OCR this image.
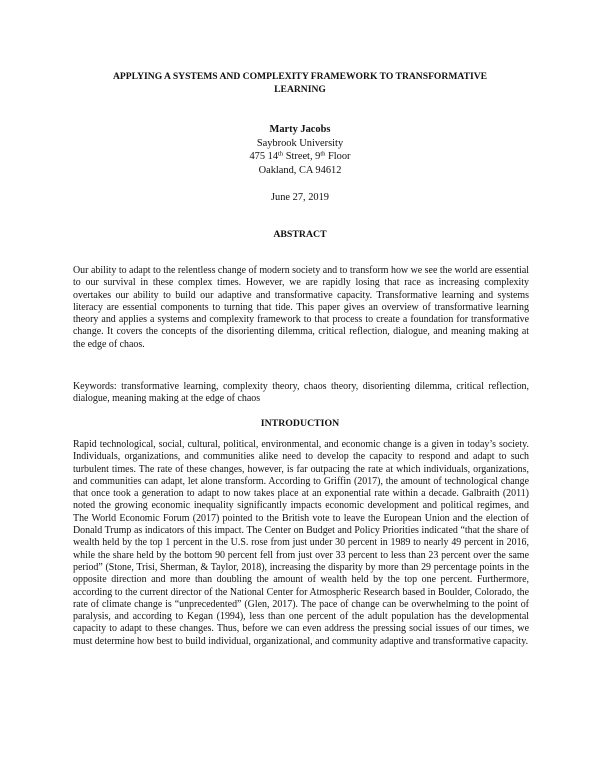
APPLYING A SYSTEMS AND COMPLEXITY FRAMEWORK TO TRANSFORMATIVE LEARNING
Marty Jacobs
Saybrook University
475 14th Street, 9th Floor
Oakland, CA 94612
June 27, 2019
ABSTRACT

Our ability to adapt to the relentless change of modern society and to transform how we see the world are essential to our survival in these complex times. However, we are rapidly losing that race as increasing complexity overtakes our ability to build our adaptive and transformative capacity. Transformative learning and systems literacy are essential components to turning that tide. This paper gives an overview of transformative learning theory and applies a systems and complexity framework to that process to create a foundation for transformative change. It covers the concepts of the disorienting dilemma, critical reflection, dialogue, and meaning making at the edge of chaos.

Keywords: transformative learning, complexity theory, chaos theory, disorienting dilemma, critical reflection, dialogue, meaning making at the edge of chaos

INTRODUCTION

Rapid technological, social, cultural, political, environmental, and economic change is a given in today’s society. Individuals, organizations, and communities alike need to develop the capacity to respond and adapt to such turbulent times. The rate of these changes, however, is far outpacing the rate at which individuals, organizations, and communities can adapt, let alone transform. According to Griffin (2017), the amount of technological change that once took a generation to adapt to now takes place at an exponential rate within a decade. Galbraith (2011) noted the growing economic inequality significantly impacts economic development and political regimes, and The World Economic Forum (2017) pointed to the British vote to leave the European Union and the election of Donald Trump as indicators of this impact. The Center on Budget and Policy Priorities indicated “that the share of wealth held by the top 1 percent in the U.S. rose from just under 30 percent in 1989 to nearly 49 percent in 2016, while the share held by the bottom 90 percent fell from just over 33 percent to less than 23 percent over the same period” (Stone, Trisi, Sherman, & Taylor, 2018), increasing the disparity by more than 29 percentage points in the opposite direction and more than doubling the amount of wealth held by the top one percent. Furthermore, according to the current director of the National Center for Atmospheric Research based in Boulder, Colorado, the rate of climate change is “unprecedented” (Glen, 2017). The pace of change can be overwhelming to the point of paralysis, and according to Kegan (1994), less than one percent of the adult population has the developmental capacity to adapt to these changes. Thus, before we can even address the pressing social issues of our times, we must determine how best to build individual, organizational, and community adaptive and transformative capacity.
